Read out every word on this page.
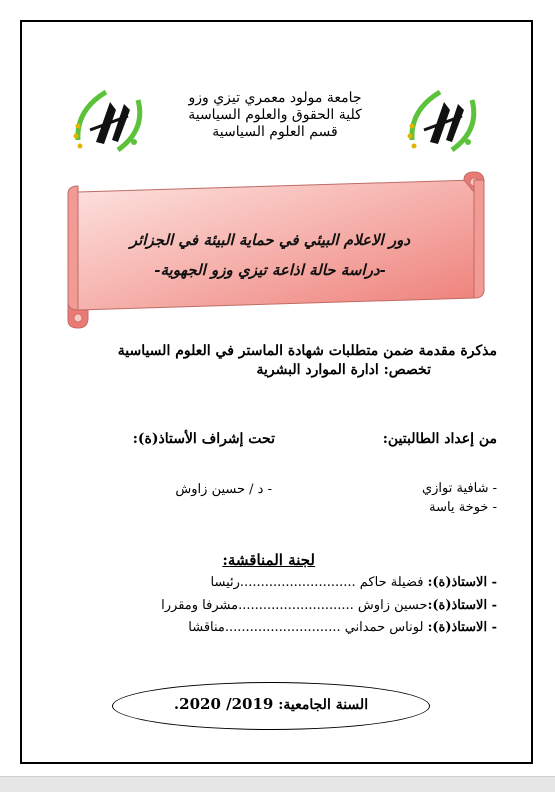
جامعة مولود معمري تيزي وزو
كلية الحقوق والعلوم السياسية
قسم العلوم السياسية
دور الاعلام البيئي في حماية البيئة في الجزائر
-دراسة حالة اذاعة تيزي وزو الجهوية-
مذكرة مقدمة ضمن متطلبات شهادة الماستر في العلوم السياسية
تخصص: ادارة الموارد البشرية
من إعداد الطالبتين:
تحت إشراف الأستاذ(ة):
- شافية توازي
- خوخة ياسة
- د / حسين زاوش
لجنة المناقشة:
- الاستاذ(ة): فضيلة حاكم ............................رئيسا
- الاستاذ(ة):حسين زاوش ............................مشرفا ومقررا
- الاستاذ(ة): لوناس حمداني ............................مناقشا
السنة الجامعية: 2019/ 2020.
